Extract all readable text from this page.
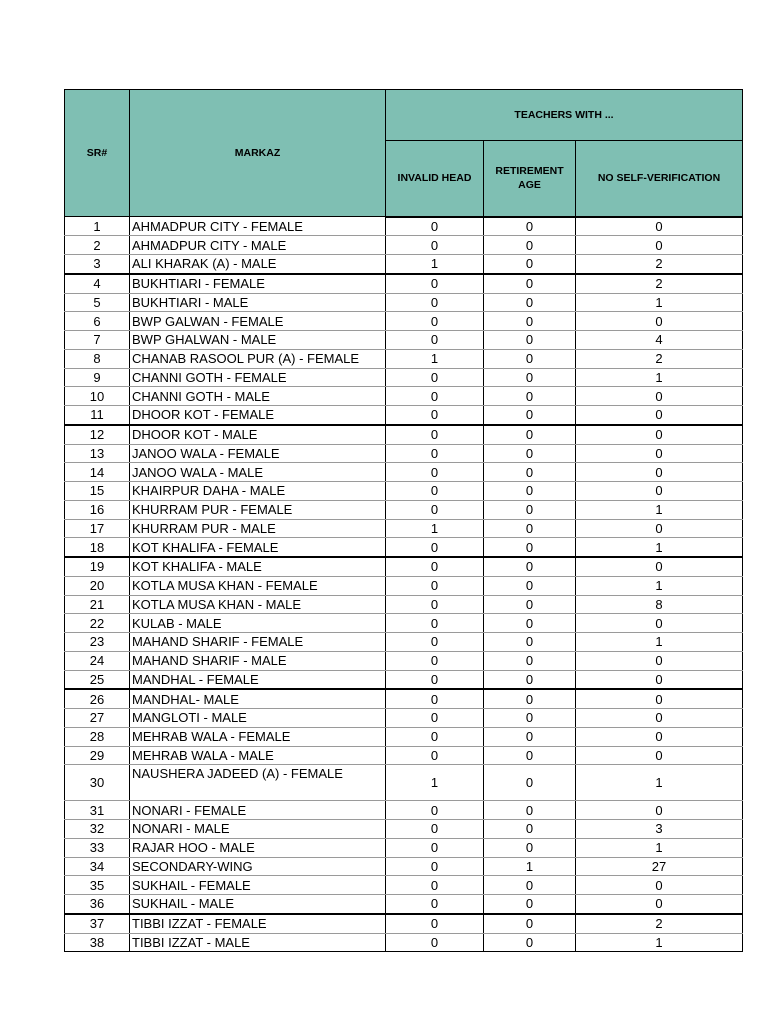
SR#	MARKAZ	TEACHERS WITH ...		
		INVALID HEAD	RETIREMENT AGE	NO SELF-VERIFICATION
1	AHMADPUR CITY - FEMALE	0	0	0
2	AHMADPUR CITY - MALE	0	0	0
3	ALI KHARAK (A) - MALE	1	0	2
4	BUKHTIARI - FEMALE	0	0	2
5	BUKHTIARI - MALE	0	0	1
6	BWP GALWAN - FEMALE	0	0	0
7	BWP GHALWAN - MALE	0	0	4
8	CHANAB RASOOL PUR (A) - FEMALE	1	0	2
9	CHANNI GOTH - FEMALE	0	0	1
10	CHANNI GOTH - MALE	0	0	0
11	DHOOR KOT - FEMALE	0	0	0
12	DHOOR KOT - MALE	0	0	0
13	JANOO WALA - FEMALE	0	0	0
14	JANOO WALA - MALE	0	0	0
15	KHAIRPUR DAHA - MALE	0	0	0
16	KHURRAM PUR - FEMALE	0	0	1
17	KHURRAM PUR - MALE	1	0	0
18	KOT KHALIFA - FEMALE	0	0	1
19	KOT KHALIFA - MALE	0	0	0
20	KOTLA MUSA KHAN - FEMALE	0	0	1
21	KOTLA MUSA KHAN - MALE	0	0	8
22	KULAB - MALE	0	0	0
23	MAHAND SHARIF - FEMALE	0	0	1
24	MAHAND SHARIF - MALE	0	0	0
25	MANDHAL - FEMALE	0	0	0
26	MANDHAL- MALE	0	0	0
27	MANGLOTI - MALE	0	0	0
28	MEHRAB WALA - FEMALE	0	0	0
29	MEHRAB WALA - MALE	0	0	0
30	NAUSHERA JADEED (A) - FEMALE	1	0	1
31	NONARI - FEMALE	0	0	0
32	NONARI - MALE	0	0	3
33	RAJAR HOO - MALE	0	0	1
34	SECONDARY-WING	0	1	27
35	SUKHAIL - FEMALE	0	0	0
36	SUKHAIL - MALE	0	0	0
37	TIBBI IZZAT - FEMALE	0	0	2
38	TIBBI IZZAT - MALE	0	0	1
